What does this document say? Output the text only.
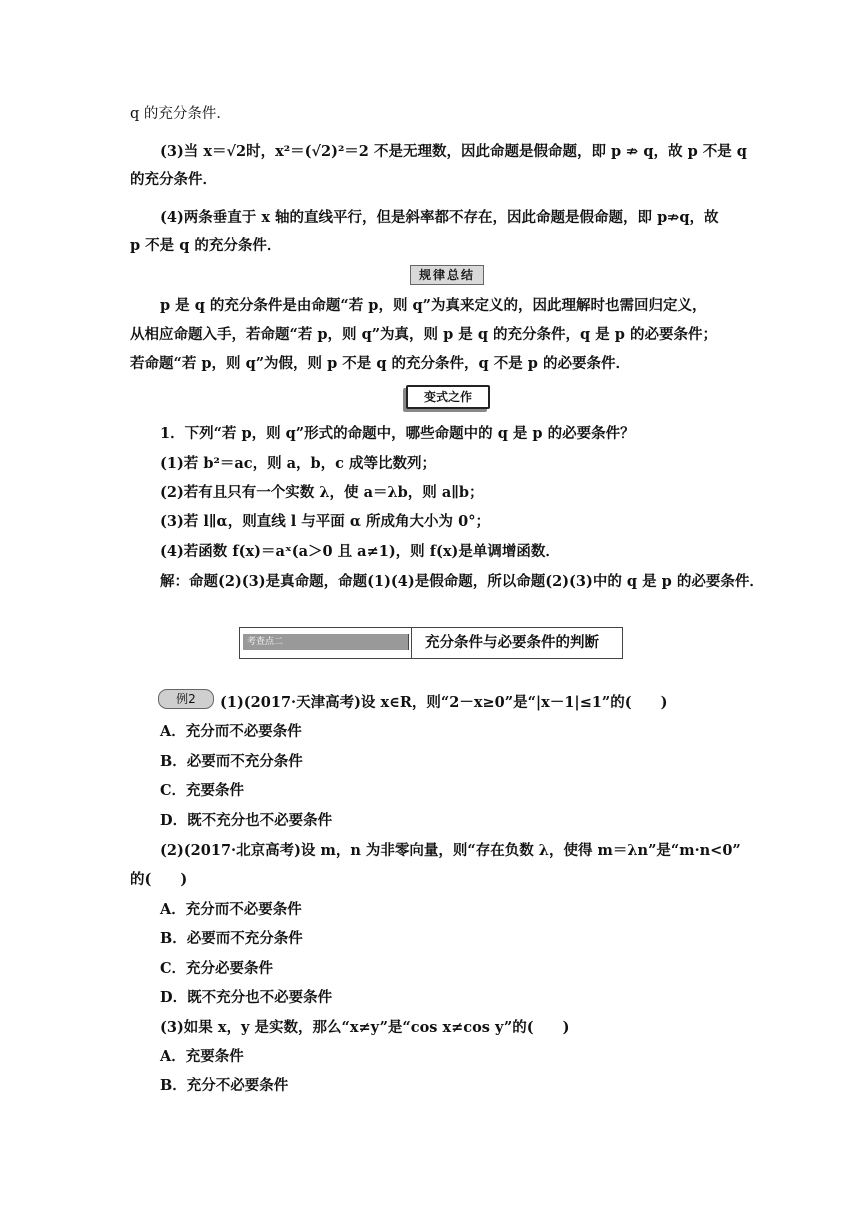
q 的充分条件．
(3)当 x＝√2时，x²＝(√2)²＝2 不是无理数，因此命题是假命题，即 p ⇏ q，故 p 不是 q
的充分条件．
(4)两条垂直于 x 轴的直线平行，但是斜率都不存在，因此命题是假命题，即 p⇏q，故
p 不是 q 的充分条件．
规律总结
p 是 q 的充分条件是由命题“若 p，则 q”为真来定义的，因此理解时也需回归定义，
从相应命题入手，若命题“若 p，则 q”为真，则 p 是 q 的充分条件，q 是 p 的必要条件；
若命题“若 p，则 q”为假，则 p 不是 q 的充分条件，q 不是 p 的必要条件．
变式之作
1．下列“若 p，则 q”形式的命题中，哪些命题中的 q 是 p 的必要条件？
(1)若 b²＝ac，则 a，b，c 成等比数列；
(2)若有且只有一个实数 λ，使 a＝λb，则 a∥b；
(3)若 l∥α，则直线 l 与平面 α 所成角大小为 0°；
(4)若函数 f(x)＝aˣ(a＞0 且 a≠1)，则 f(x)是单调增函数．
解：命题(2)(3)是真命题，命题(1)(4)是假命题，所以命题(2)(3)中的 q 是 p 的必要条件．
考查点二	充分条件与必要条件的判断
例2	(1)(2017·天津高考)设 x∈R，则“2－x≥0”是“|x－1|≤1”的(　　)
A．充分而不必要条件
B．必要而不充分条件
C．充要条件
D．既不充分也不必要条件
(2)(2017·北京高考)设 m，n 为非零向量，则“存在负数 λ，使得 m＝λn”是“m·n<0”
的(　　)
A．充分而不必要条件
B．必要而不充分条件
C．充分必要条件
D．既不充分也不必要条件
(3)如果 x，y 是实数，那么“x≠y”是“cos x≠cos y”的(　　)
A．充要条件
B．充分不必要条件
